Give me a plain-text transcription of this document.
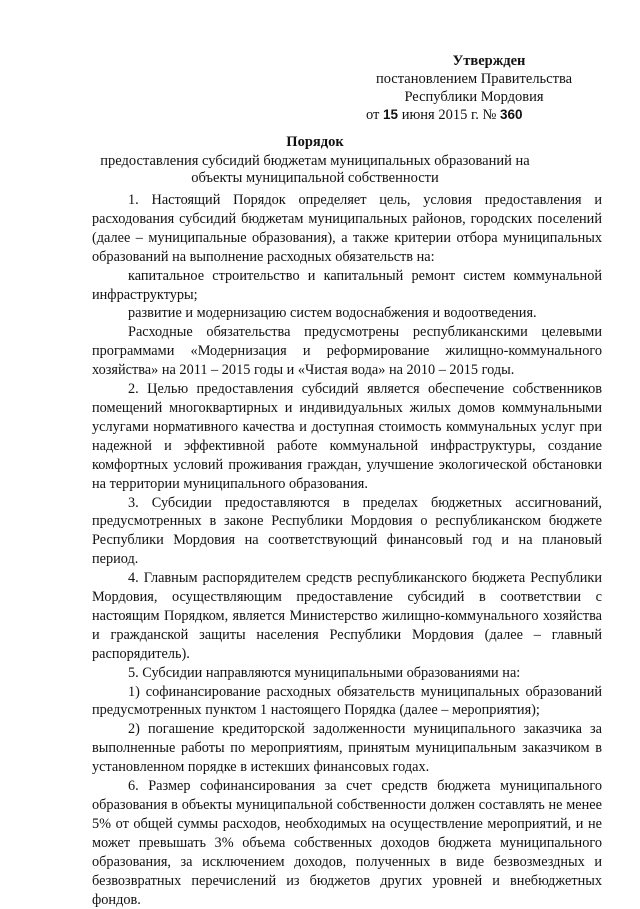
Утвержден
постановлением Правительства
Республики Мордовия
от 15 июня 2015 г. № 360
Порядок
предоставления субсидий бюджетам муниципальных образований на
объекты муниципальной собственности

1. Настоящий Порядок определяет цель, условия предоставления и расходования субсидий бюджетам муниципальных районов, городских поселений (далее – муниципальные образования), а также критерии отбора муниципальных образований на выполнение расходных обязательств на:

капитальное строительство и капитальный ремонт систем коммунальной инфраструктуры;

развитие и модернизацию систем водоснабжения и водоотведения.

Расходные обязательства предусмотрены республиканскими целевыми программами «Модернизация и реформирование жилищно-коммунального хозяйства» на 2011 – 2015 годы и «Чистая вода» на 2010 – 2015 годы.

2. Целью предоставления субсидий является обеспечение собственников помещений многоквартирных и индивидуальных жилых домов коммунальными услугами нормативного качества и доступная стоимость коммунальных услуг при надежной и эффективной работе коммунальной инфраструктуры, создание комфортных условий проживания граждан, улучшение экологической обстановки на территории муниципального образования.

3. Субсидии предоставляются в пределах бюджетных ассигнований, предусмотренных в законе Республики Мордовия о республиканском бюджете Республики Мордовия на соответствующий финансовый год и на плановый период.

4. Главным распорядителем средств республиканского бюджета Республики Мордовия, осуществляющим предоставление субсидий в соответствии с настоящим Порядком, является Министерство жилищно-коммунального хозяйства и гражданской защиты населения Республики Мордовия (далее – главный распорядитель).

5. Субсидии направляются муниципальными образованиями на:

1) софинансирование расходных обязательств муниципальных образований предусмотренных пунктом 1 настоящего Порядка (далее – мероприятия);

2) погашение кредиторской задолженности муниципального заказчика за выполненные работы по мероприятиям, принятым муниципальным заказчиком в установленном порядке в истекших финансовых годах.

6. Размер софинансирования за счет средств бюджета муниципального образования в объекты муниципальной собственности должен составлять не менее 5% от общей суммы расходов, необходимых на осуществление мероприятий, и не может превышать 3% объема собственных доходов бюджета муниципального образования, за исключением доходов, полученных в виде безвозмездных и безвозвратных перечислений из бюджетов других уровней и внебюджетных фондов.
